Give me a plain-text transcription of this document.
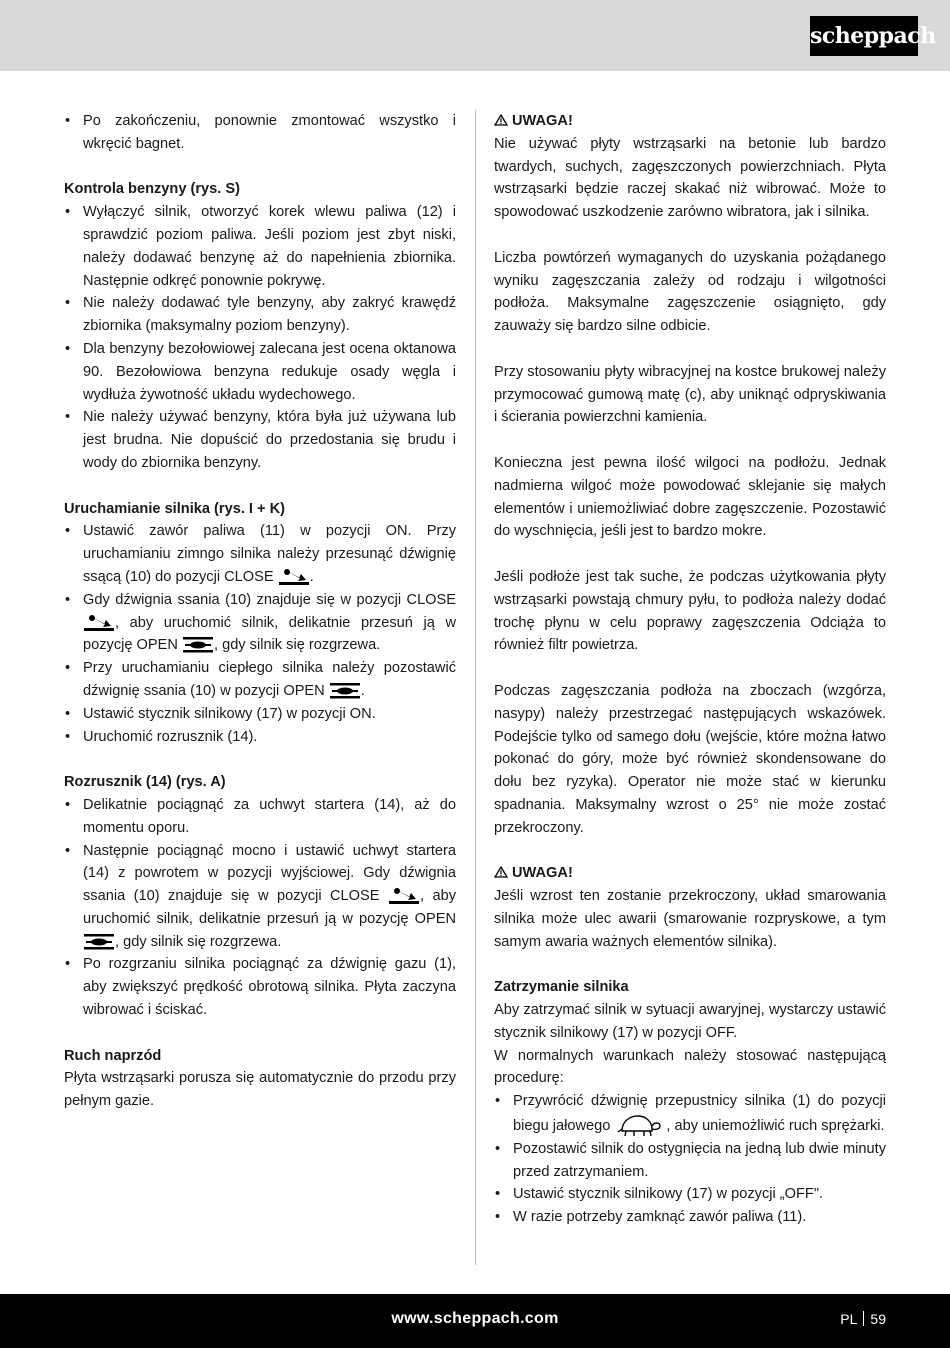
scheppach
• Po zakończeniu, ponownie zmontować wszystko i wkręcić bagnet.
Kontrola benzyny (rys. S)
• Wyłączyć silnik, otworzyć korek wlewu paliwa (12) i sprawdzić poziom paliwa. Jeśli poziom jest zbyt niski, należy dodawać benzynę aż do napełnienia zbiornika. Następnie odkręć ponownie pokrywę.
• Nie należy dodawać tyle benzyny, aby zakryć krawędź zbiornika (maksymalny poziom benzyny).
• Dla benzyny bezołowiowej zalecana jest ocena oktanowa 90. Bezołowiowa benzyna redukuje osady węgla i wydłuża żywotność układu wydechowego.
• Nie należy używać benzyny, która była już używana lub jest brudna. Nie dopuścić do przedostania się brudu i wody do zbiornika benzyny.
Uruchamianie silnika (rys. I + K)
• Ustawić zawór paliwa (11) w pozycji ON. Przy uruchamianiu zimngo silnika należy przesunąć dźwignię ssącą (10) do pozycji CLOSE .
• Gdy dźwignia ssania (10) znajduje się w pozycji CLOSE , aby uruchomić silnik, delikatnie przesuń ją w pozycję OPEN , gdy silnik się rozgrzewa.
• Przy uruchamianiu ciepłego silnika należy pozostawić dźwignię ssania (10) w pozycji OPEN .
• Ustawić stycznik silnikowy (17) w pozycji ON.
• Uruchomić rozrusznik (14).
Rozrusznik (14) (rys. A)
• Delikatnie pociągnąć za uchwyt startera (14), aż do momentu oporu.
• Następnie pociągnąć mocno i ustawić uchwyt startera (14) z powrotem w pozycji wyjściowej. Gdy dźwignia ssania (10) znajduje się w pozycji CLOSE	, aby uruchomić silnik, delikatnie przesuń ją w pozycję OPEN , gdy silnik się rozgrzewa.
• Po rozgrzaniu silnika pociągnąć za dźwignię gazu (1), aby zwiększyć prędkość obrotową silnika. Płyta zaczyna wibrować i ściskać.
Ruch naprzód

Płyta wstrząsarki porusza się automatycznie do przodu przy pełnym gazie.

UWAGA!

Nie używać płyty wstrząsarki na betonie lub bardzo twardych, suchych, zagęszczonych powierzchniach. Płyta wstrząsarki będzie raczej skakać niż wibrować. Może to spowodować uszkodzenie zarówno wibratora, jak i silnika.

Liczba powtórzeń wymaganych do uzyskania pożądanego wyniku zagęszczania zależy od rodzaju i wilgotności podłoża. Maksymalne zagęszczenie osiągnięto, gdy zauważy się bardzo silne odbicie.

Przy stosowaniu płyty wibracyjnej na kostce brukowej należy przymocować gumową matę (c), aby uniknąć odpryskiwania i ścierania powierzchni kamienia.

Konieczna jest pewna ilość wilgoci na podłożu. Jednak nadmierna wilgoć może powodować sklejanie się małych elementów i uniemożliwiać dobre zagęszczenie. Pozostawić do wyschnięcia, jeśli jest to bardzo mokre.

Jeśli podłoże jest tak suche, że podczas użytkowania płyty wstrząsarki powstają chmury pyłu, to podłoża należy dodać trochę płynu w celu poprawy zagęszczenia Odciąża to również filtr powietrza.

Podczas zagęszczania podłoża na zboczach (wzgórza, nasypy) należy przestrzegać następujących wskazówek. Podejście tylko od samego dołu (wejście, które można łatwo pokonać do góry, może być również skondensowane do dołu bez ryzyka). Operator nie może stać w kierunku spadnania. Maksymalny wzrost o 25° nie może zostać przekroczony.

UWAGA!

Jeśli wzrost ten zostanie przekroczony, układ smarowania silnika może ulec awarii (smarowanie rozpryskowe, a tym samym awaria ważnych elementów silnika).

Zatrzymanie silnika

Aby zatrzymać silnik w sytuacji awaryjnej, wystarczy ustawić stycznik silnikowy (17) w pozycji OFF.

W normalnych warunkach należy stosować następującą procedurę:

• Przywrócić dźwignię przepustnicy silnika (1) do pozycji biegu jałowego	, aby uniemożliwić ruch sprężarki.
• Pozostawić silnik do ostygnięcia na jedną lub dwie minuty przed zatrzymaniem.
• Ustawić stycznik silnikowy (17) w pozycji „OFF".
• W razie potrzeby zamknąć zawór paliwa (11).
www.scheppach.com	PL 59
